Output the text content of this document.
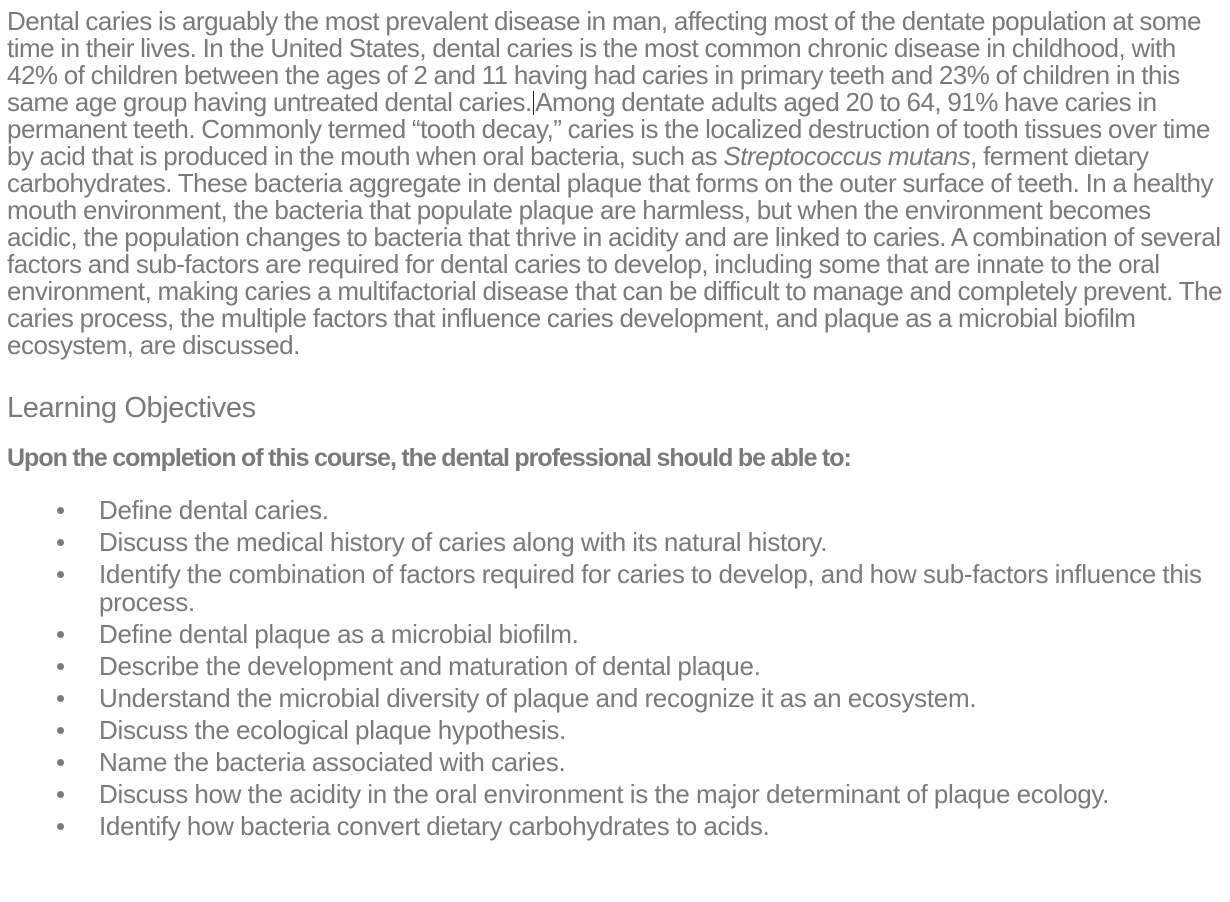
Dental caries is arguably the most prevalent disease in man, affecting most of the dentate population at some time in their lives. In the United States, dental caries is the most common chronic disease in childhood, with 42% of children between the ages of 2 and 11 having had caries in primary teeth and 23% of children in this same age group having untreated dental caries. Among dentate adults aged 20 to 64, 91% have caries in permanent teeth. Commonly termed “tooth decay,” caries is the localized destruction of tooth tissues over time by acid that is produced in the mouth when oral bacteria, such as Streptococcus mutans, ferment dietary carbohydrates. These bacteria aggregate in dental plaque that forms on the outer surface of teeth. In a healthy mouth environment, the bacteria that populate plaque are harmless, but when the environment becomes acidic, the population changes to bacteria that thrive in acidity and are linked to caries. A combination of several factors and sub-factors are required for dental caries to develop, including some that are innate to the oral environment, making caries a multifactorial disease that can be difficult to manage and completely prevent. The caries process, the multiple factors that influence caries development, and plaque as a microbial biofilm ecosystem, are discussed.

Learning Objectives

Upon the completion of this course, the dental professional should be able to:

Define dental caries.
Discuss the medical history of caries along with its natural history.
Identify the combination of factors required for caries to develop, and how sub-factors influence this process.
Define dental plaque as a microbial biofilm.
Describe the development and maturation of dental plaque.
Understand the microbial diversity of plaque and recognize it as an ecosystem.
Discuss the ecological plaque hypothesis.
Name the bacteria associated with caries.
Discuss how the acidity in the oral environment is the major determinant of plaque ecology.
Identify how bacteria convert dietary carbohydrates to acids.
